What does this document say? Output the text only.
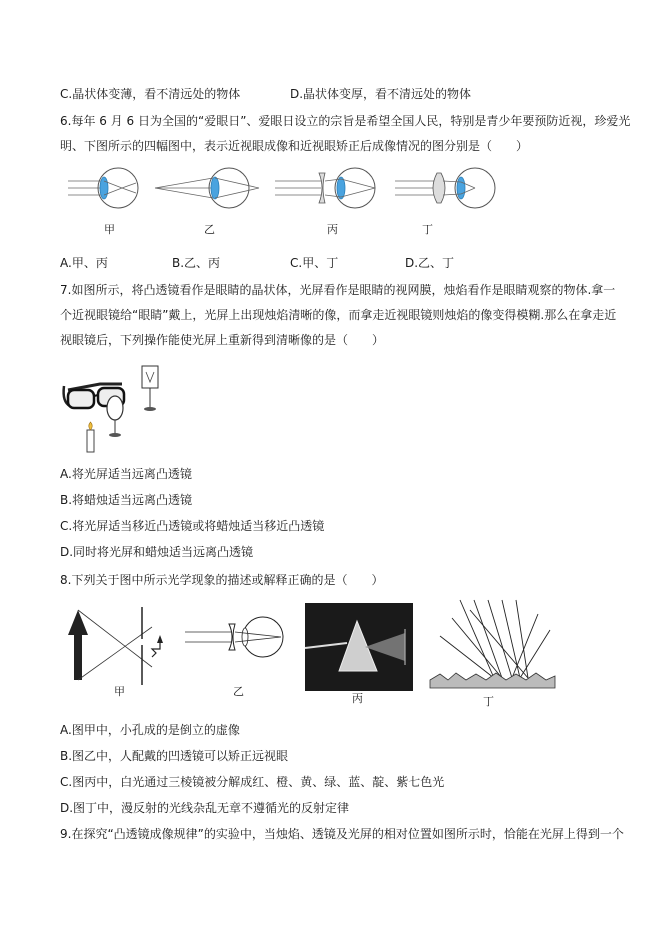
C.晶状体变薄，看不清远处的物体	D.晶状体变厚，看不清远处的物体
6.每年 6 月 6 日为全国的“爱眼日”、爱眼日设立的宗旨是希望全国人民，特别是青少年要预防近视，珍爱光
明、下图所示的四幅图中，表示近视眼成像和近视眼矫正后成像情况的图分别是（　　）
甲	乙	丙	丁
A.甲、丙	B.乙、丙	C.甲、丁	D.乙、丁
7.如图所示，将凸透镜看作是眼睛的晶状体，光屏看作是眼睛的视网膜，烛焰看作是眼睛观察的物体.拿一
个近视眼镜给“眼睛”戴上，光屏上出现烛焰清晰的像，而拿走近视眼镜则烛焰的像变得模糊.那么在拿走近
视眼镜后，下列操作能使光屏上重新得到清晰像的是（　　）
A.将光屏适当远离凸透镜
B.将蜡烛适当远离凸透镜
C.将光屏适当移近凸透镜或将蜡烛适当移近凸透镜
D.同时将光屏和蜡烛适当远离凸透镜
8.下列关于图中所示光学现象的描述或解释正确的是（　　）
甲	乙
丙	丁
A.图甲中，小孔成的是倒立的虚像
B.图乙中，人配戴的凹透镜可以矫正远视眼
C.图丙中，白光通过三棱镜被分解成红、橙、黄、绿、蓝、靛、紫七色光
D.图丁中，漫反射的光线杂乱无章不遵循光的反射定律
9.在探究“凸透镜成像规律”的实验中，当烛焰、透镜及光屏的相对位置如图所示时，恰能在光屏上得到一个
